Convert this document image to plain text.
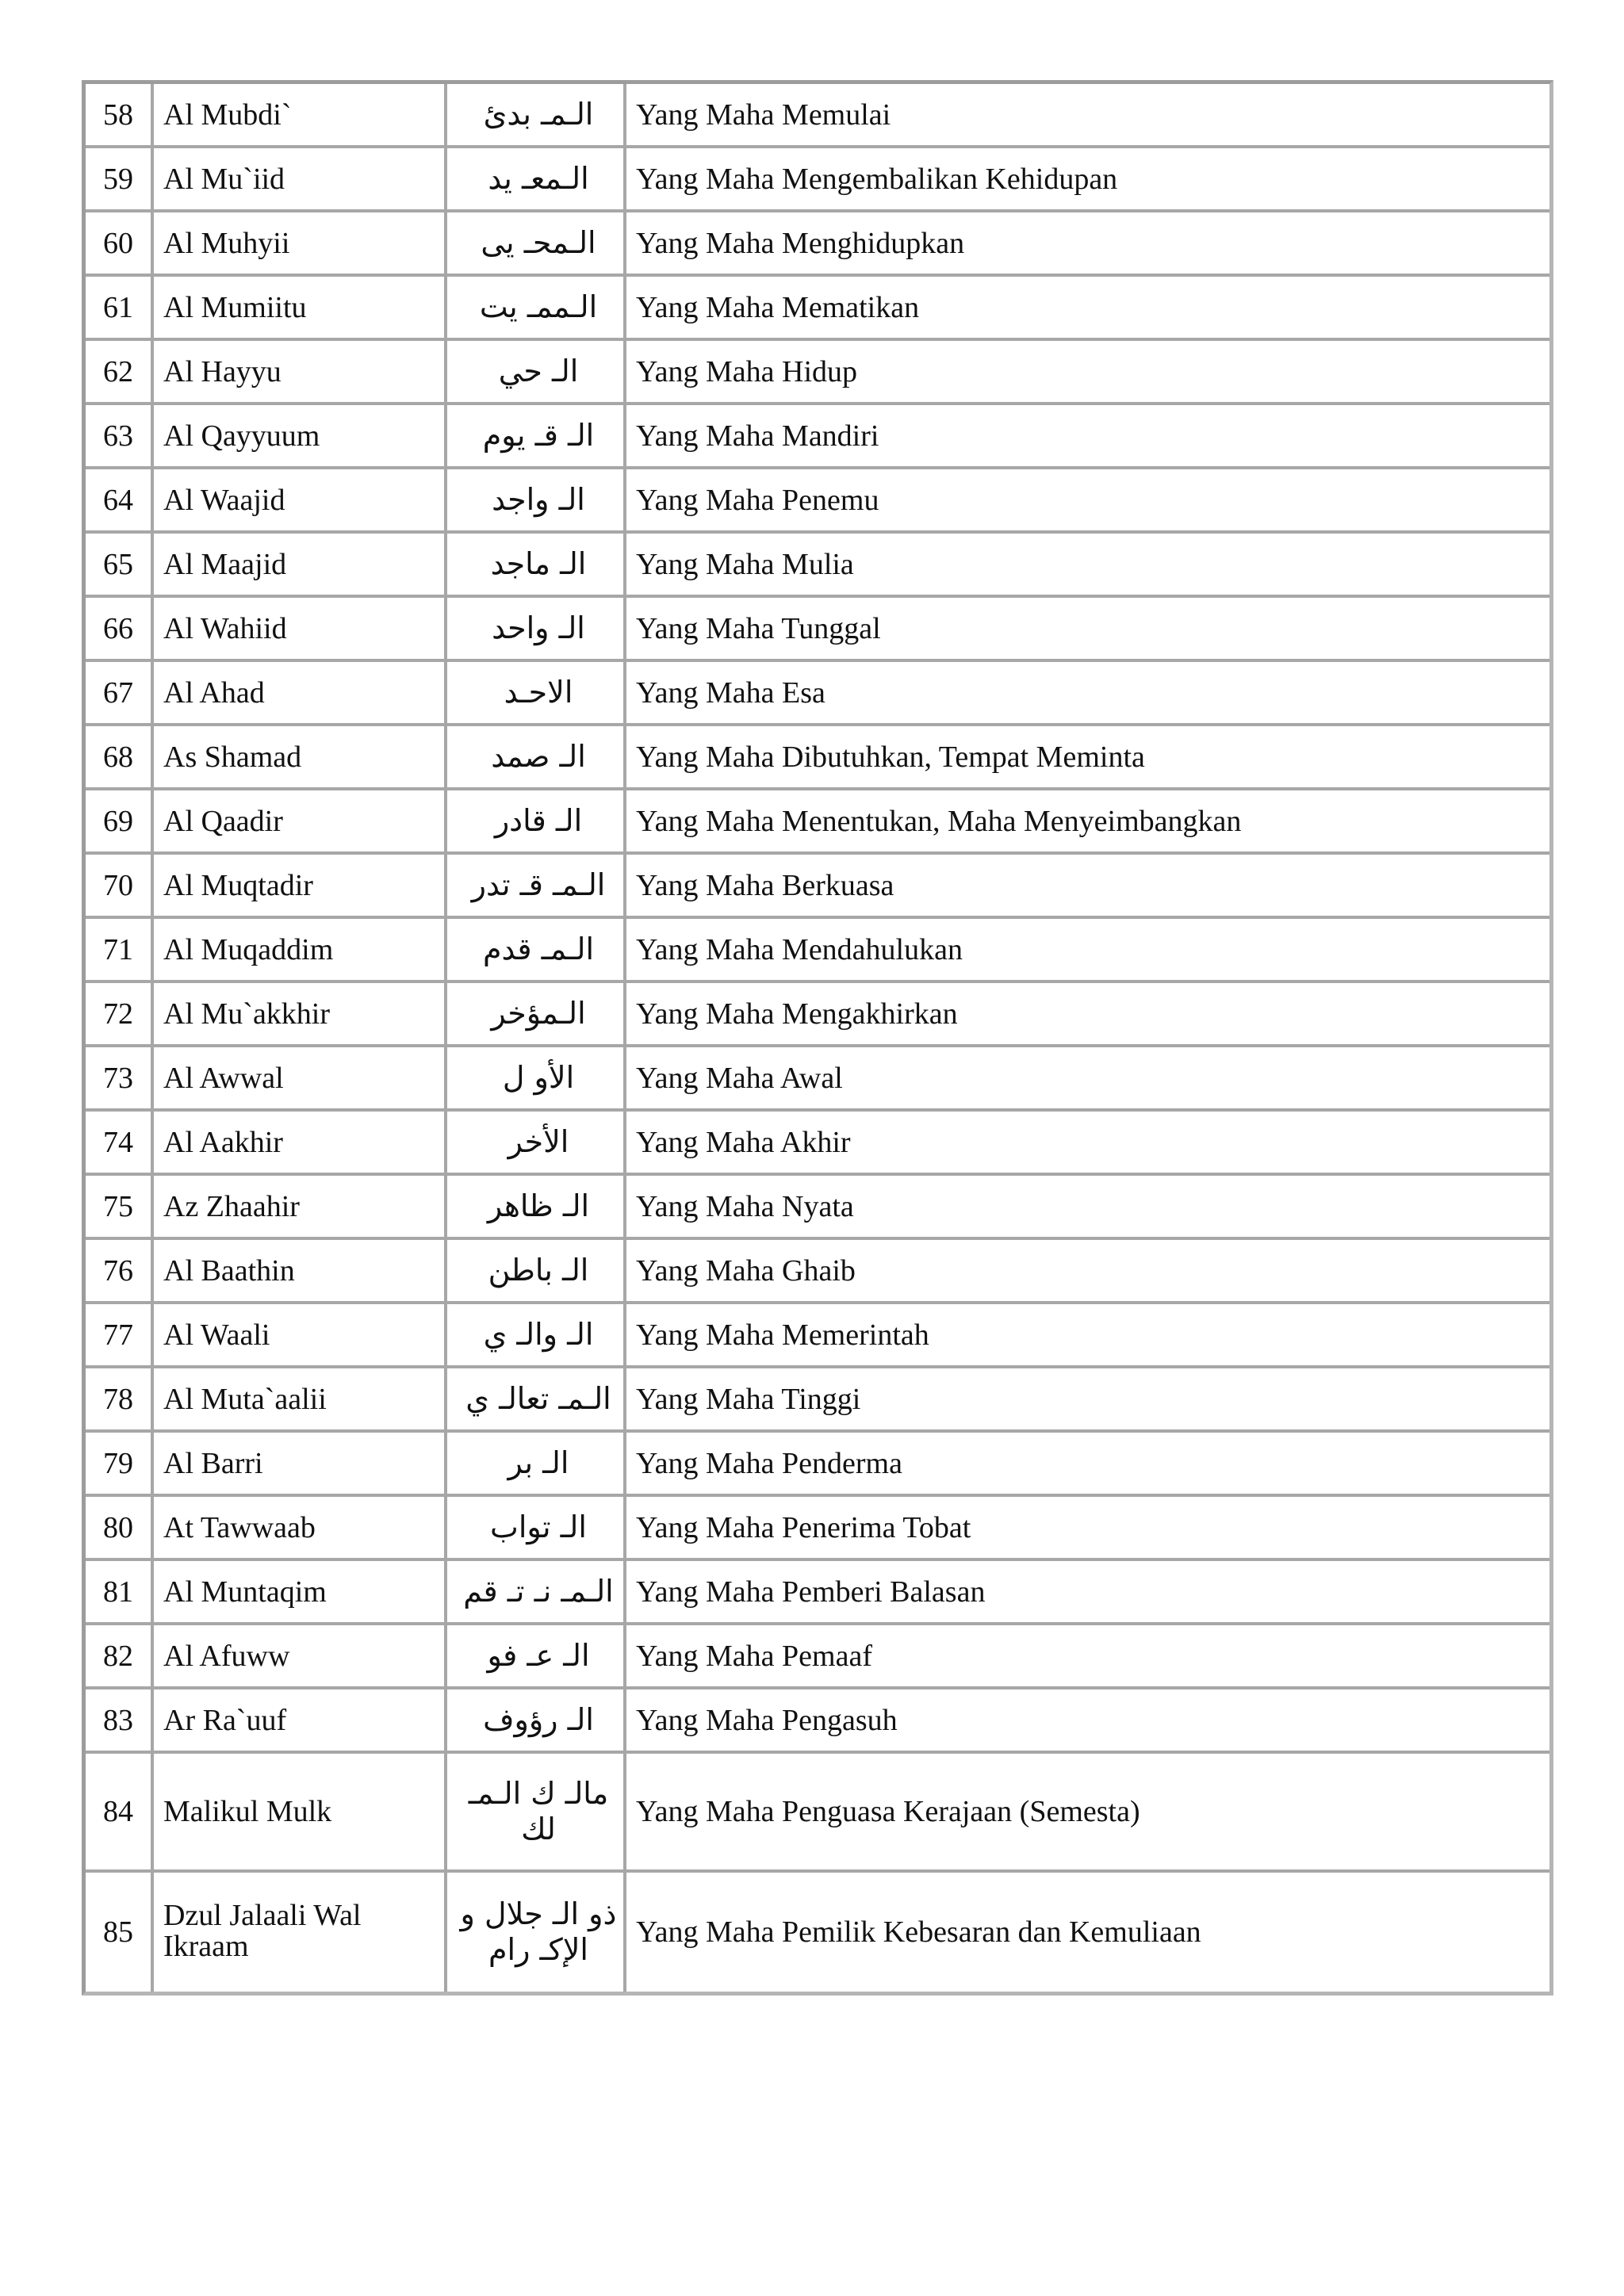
58	Al Mubdi`	الـمـ بدئ	Yang Maha Memulai
59	Al Mu`iid	الـمعـ يد	Yang Maha Mengembalikan Kehidupan
60	Al Muhyii	الـمحـ يى	Yang Maha Menghidupkan
61	Al Mumiitu	الـممـ يت	Yang Maha Mematikan
62	Al Hayyu	الـ حي	Yang Maha Hidup
63	Al Qayyuum	الـ قـ يوم	Yang Maha Mandiri
64	Al Waajid	الـ واجد	Yang Maha Penemu
65	Al Maajid	الـ ماجد	Yang Maha Mulia
66	Al Wahiid	الـ واحد	Yang Maha Tunggal
67	Al Ahad	الاحـد	Yang Maha Esa
68	As Shamad	الـ صمد	Yang Maha Dibutuhkan, Tempat Meminta
69	Al Qaadir	الـ قادر	Yang Maha Menentukan, Maha Menyeimbangkan
70	Al Muqtadir	الـمـ قـ تدر	Yang Maha Berkuasa
71	Al Muqaddim	الـمـ قدم	Yang Maha Mendahulukan
72	Al Mu`akkhir	الـمؤخر	Yang Maha Mengakhirkan
73	Al Awwal	الأو ل	Yang Maha Awal
74	Al Aakhir	الأخر	Yang Maha Akhir
75	Az Zhaahir	الـ ظاهر	Yang Maha Nyata
76	Al Baathin	الـ باطن	Yang Maha Ghaib
77	Al Waali	الـ والـ ي	Yang Maha Memerintah
78	Al Muta`aalii	الـمـ تعالـ ي	Yang Maha Tinggi
79	Al Barri	الـ بر	Yang Maha Penderma
80	At Tawwaab	الـ تواب	Yang Maha Penerima Tobat
81	Al Muntaqim	الـمـ نـ تـ قم	Yang Maha Pemberi Balasan
82	Al Afuww	الـ عـ فو	Yang Maha Pemaaf
83	Ar Ra`uuf	الـ رؤوف	Yang Maha Pengasuh
84	Malikul Mulk	مالـ ك الـمـ لك	Yang Maha Penguasa Kerajaan (Semesta)
85	Dzul Jalaali Wal Ikraam	ذو الـ جلال و الإكـ رام	Yang Maha Pemilik Kebesaran dan Kemuliaan
